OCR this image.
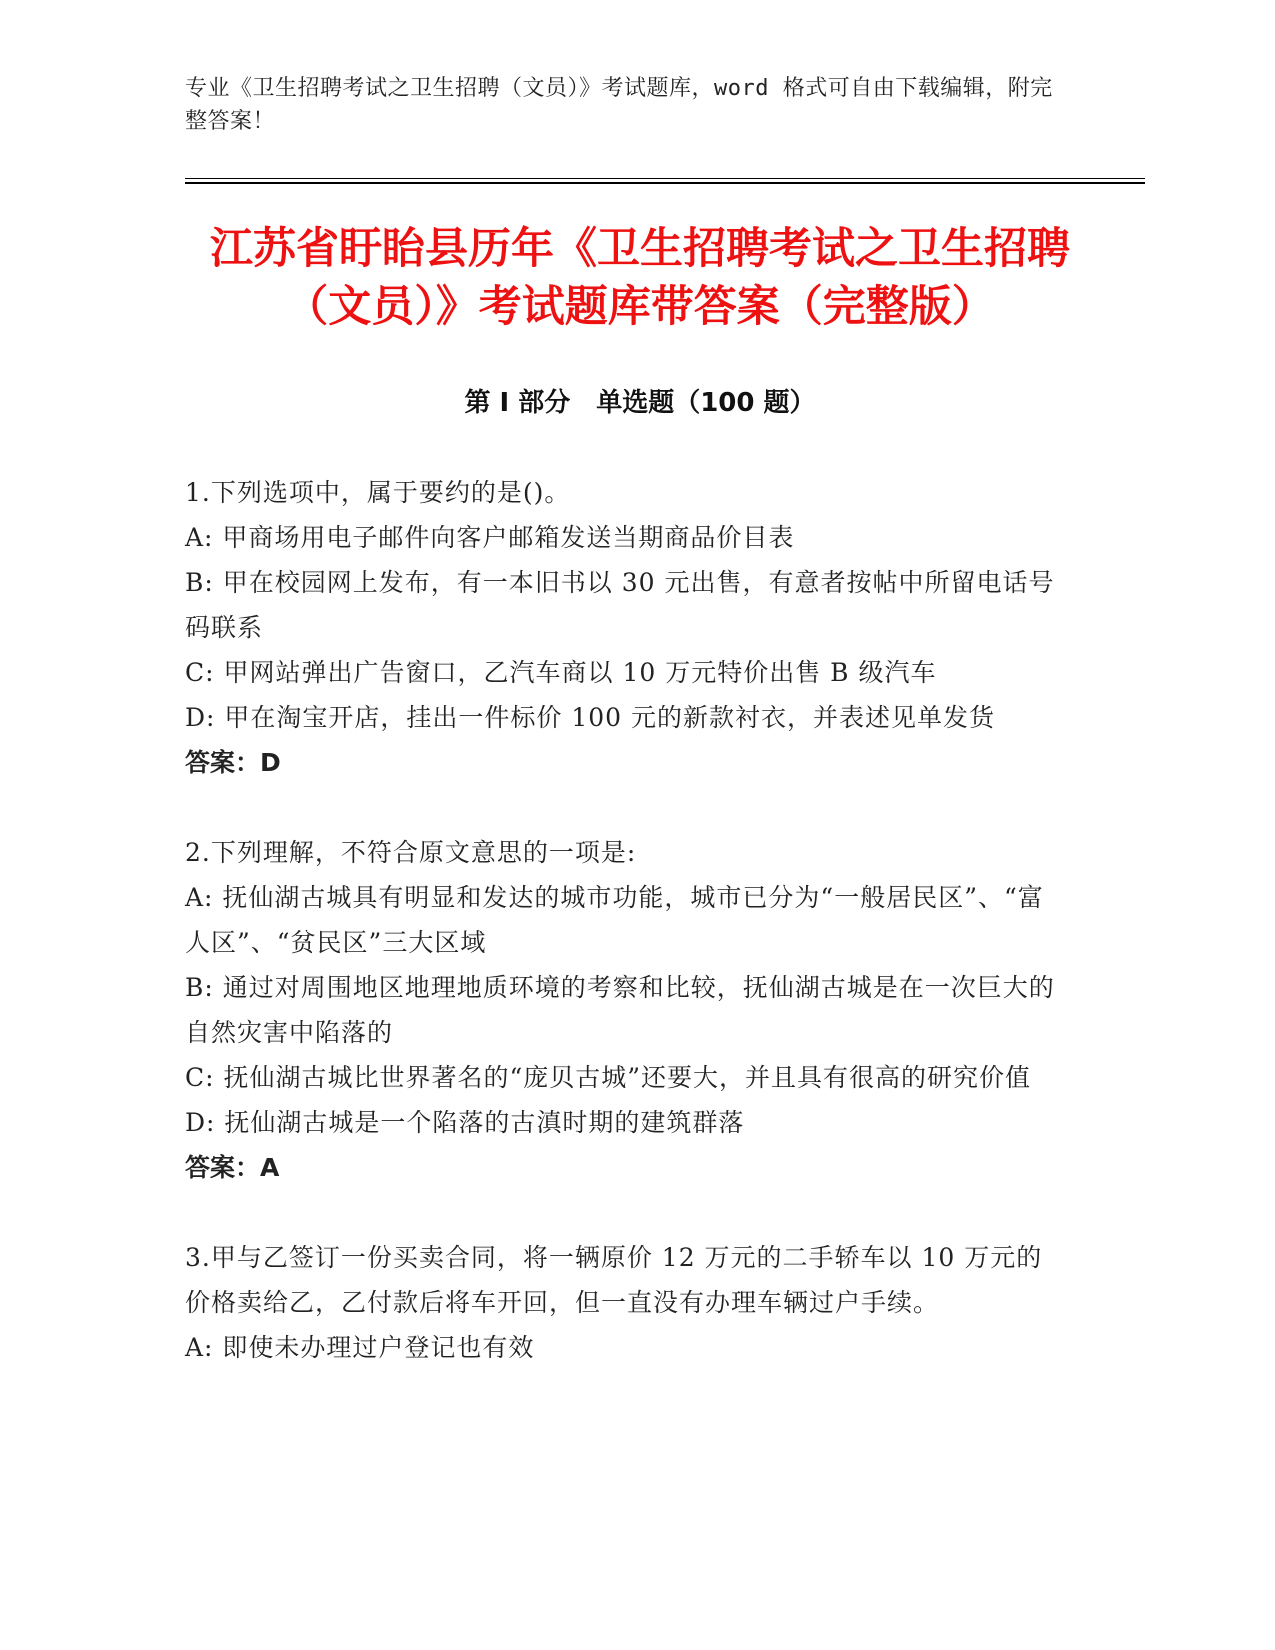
专业《卫生招聘考试之卫生招聘（文员）》考试题库，word 格式可自由下载编辑，附完整答案！
江苏省盱眙县历年《卫生招聘考试之卫生招聘（文员）》考试题库带答案（完整版）
第 I 部分　单选题（100 题）

1.下列选项中，属于要约的是()。

A: 甲商场用电子邮件向客户邮箱发送当期商品价目表

B: 甲在校园网上发布，有一本旧书以 30 元出售，有意者按帖中所留电话号码联系

C: 甲网站弹出广告窗口，乙汽车商以 10 万元特价出售 B 级汽车

D: 甲在淘宝开店，挂出一件标价 100 元的新款衬衣，并表述见单发货

答案：D

2.下列理解，不符合原文意思的一项是:

A: 抚仙湖古城具有明显和发达的城市功能，城市已分为“一般居民区”、“富人区”、“贫民区”三大区域

B: 通过对周围地区地理地质环境的考察和比较，抚仙湖古城是在一次巨大的自然灾害中陷落的

C: 抚仙湖古城比世界著名的“庞贝古城”还要大，并且具有很高的研究价值

D: 抚仙湖古城是一个陷落的古滇时期的建筑群落

答案：A

3.甲与乙签订一份买卖合同，将一辆原价 12 万元的二手轿车以 10 万元的价格卖给乙，乙付款后将车开回，但一直没有办理车辆过户手续。

A: 即使未办理过户登记也有效
